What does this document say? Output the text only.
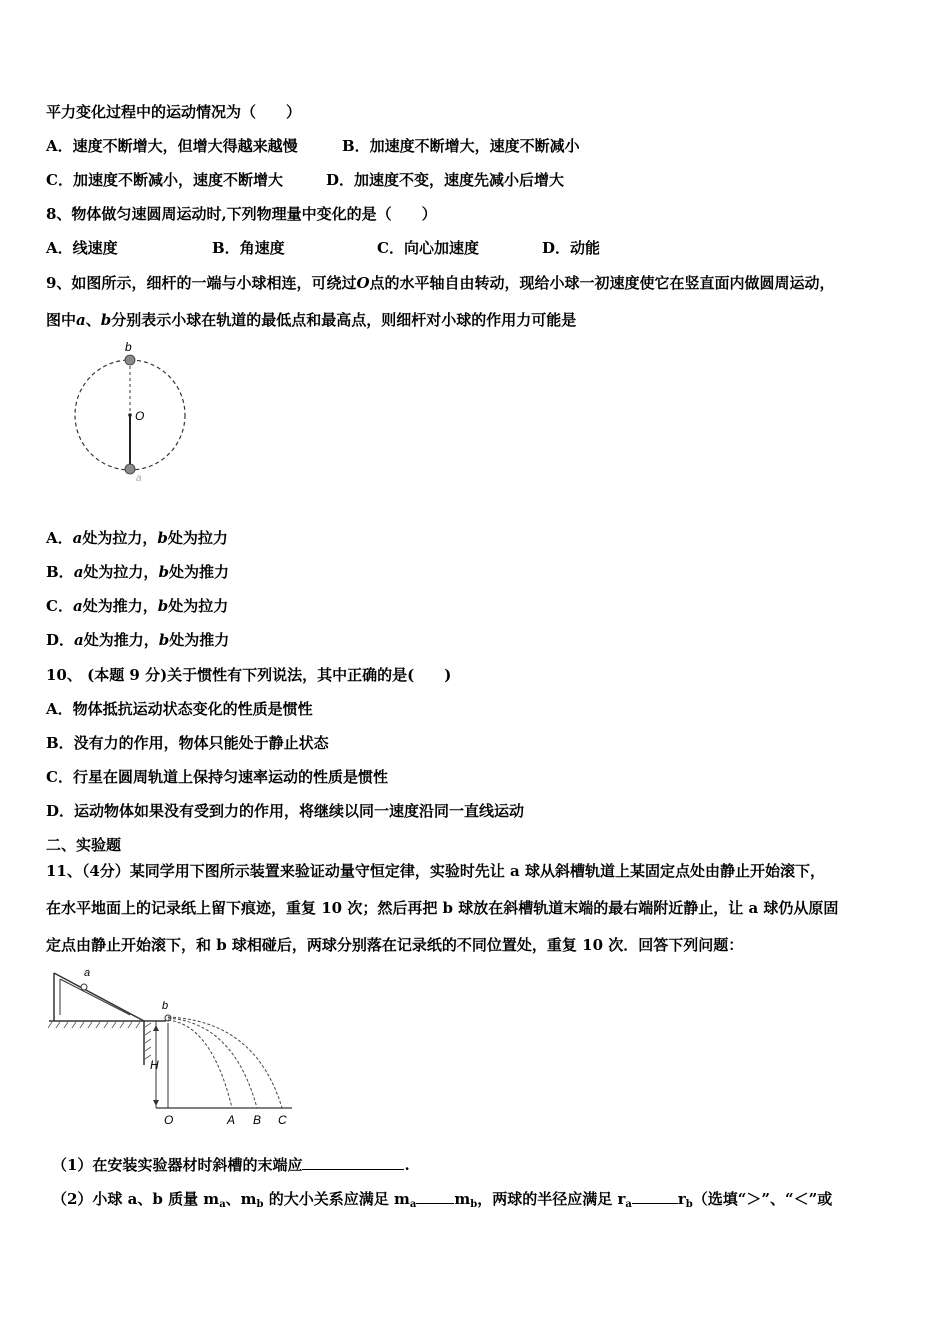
平力变化过程中的运动情况为（　　）
A．速度不断增大，但增大得越来越慢	B．加速度不断增大，速度不断减小
C．加速度不断减小，速度不断增大	D．加速度不变，速度先减小后增大
8、物体做匀速圆周运动时,下列物理量中变化的是（　　）
A．线速度	B．角速度	C．向心加速度	D．动能
9、如图所示，细杆的一端与小球相连，可绕过O点的水平轴自由转动，现给小球一初速度使它在竖直面内做圆周运动，
图中a、b分别表示小球在轨道的最低点和最高点，则细杆对小球的作用力可能是
b
O
a
A．a处为拉力，b处为拉力
B．a处为拉力，b处为推力
C．a处为推力，b处为拉力
D．a处为推力，b处为推力
10、 (本题 9 分)关于惯性有下列说法，其中正确的是(　　)
A．物体抵抗运动状态变化的性质是惯性
B．没有力的作用，物体只能处于静止状态
C．行星在圆周轨道上保持匀速率运动的性质是惯性
D．运动物体如果没有受到力的作用，将继续以同一速度沿同一直线运动
二、实验题
11、（4分）某同学用下图所示装置来验证动量守恒定律，实验时先让 a 球从斜槽轨道上某固定点处由静止开始滚下，
在水平地面上的记录纸上留下痕迹，重复 10 次；然后再把 b 球放在斜槽轨道末端的最右端附近静止，让 a 球仍从原固
定点由静止开始滚下，和 b 球相碰后，两球分别落在记录纸的不同位置处，重复 10 次．回答下列问题：
a
b
H
O	A B C
（1）在安装实验器材时斜槽的末端应	.
（2）小球 a、b 质量 $m_a$、$m_b$ 的大小关系应满足 $m_a$	$m_b$，两球的半径应满足 $r_a$	$r_b$（选填“＞”、“＜”或
